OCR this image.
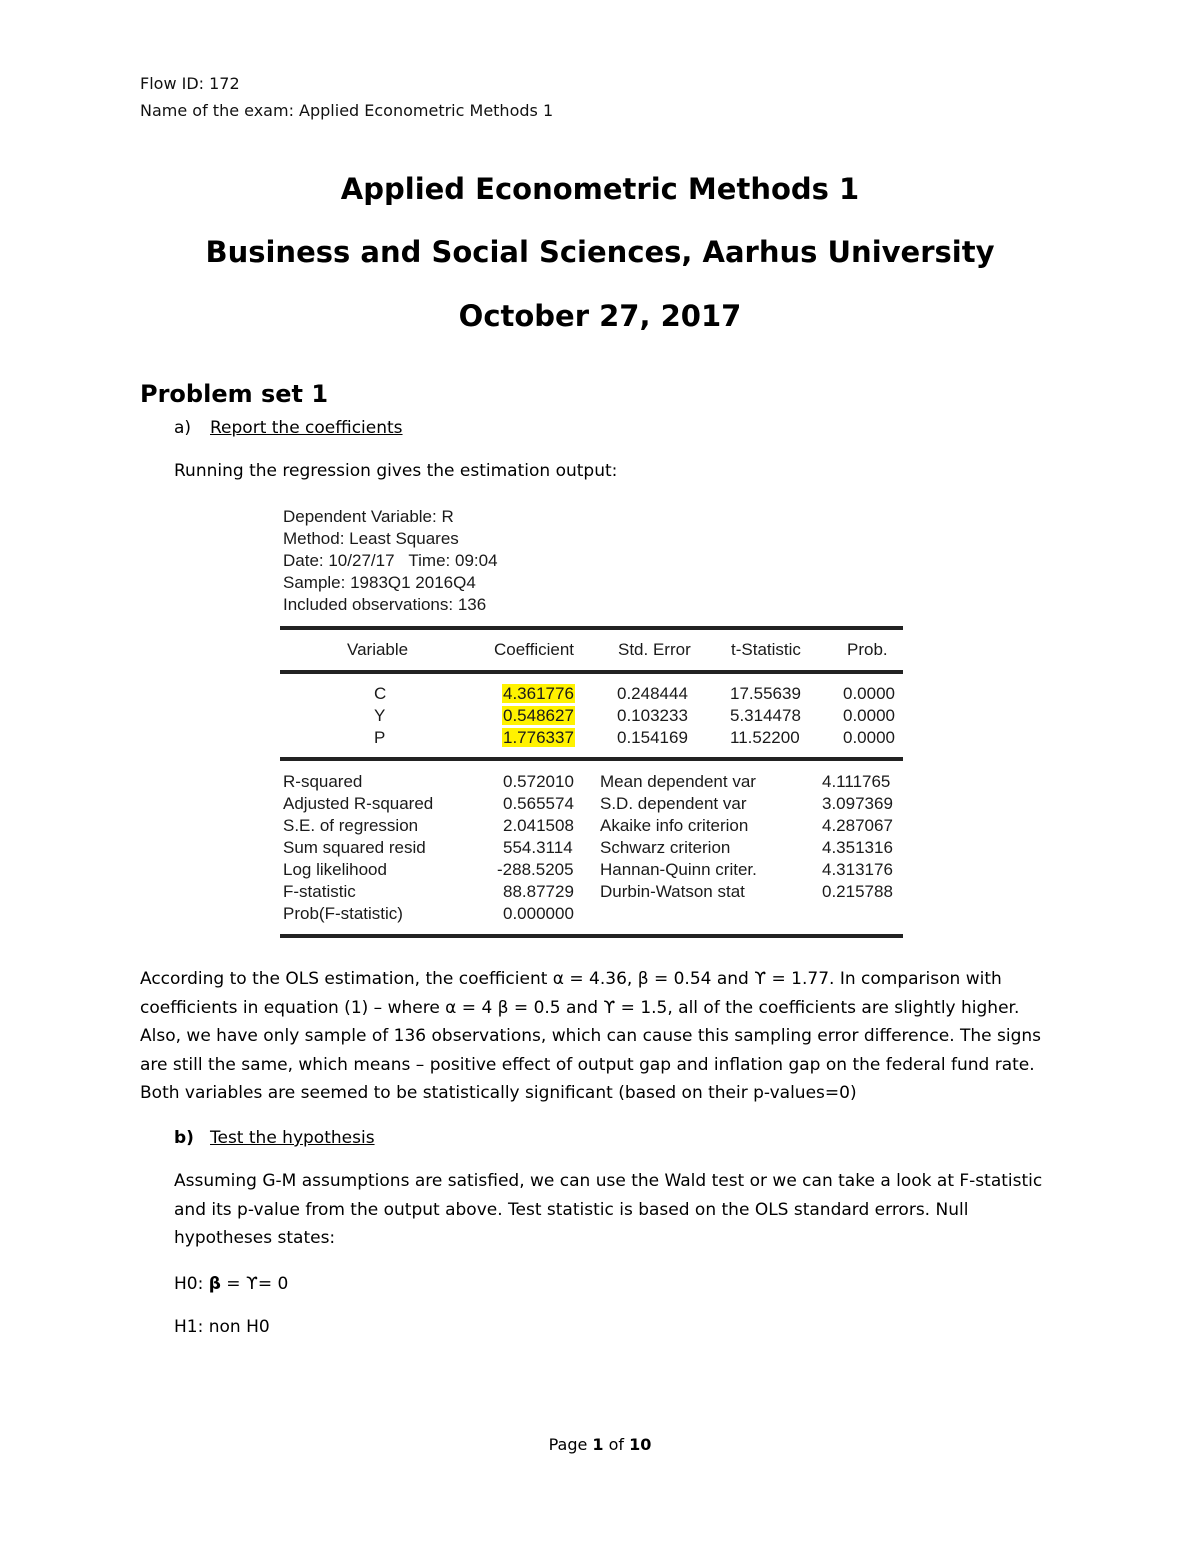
Flow ID: 172
Name of the exam: Applied Econometric Methods 1
Applied Econometric Methods 1
Business and Social Sciences, Aarhus University
October 27, 2017
Problem set 1
a) Report the coefficients
Running the regression gives the estimation output:
Dependent Variable: R
Method: Least Squares
Date: 10/27/17   Time: 09:04
Sample: 1983Q1 2016Q4
Included observations: 136
Variable	Coefficient	Std. Error t-Statistic	Prob.
C	4.361776	0.248444 17.55639 0.0000
Y	0.548627	0.103233 5.314478 0.0000
P	1.776337	0.154169 11.52200	0.0000
R-squared	0.572010 Mean dependent var	4.111765
Adjusted R-squared	0.565574 S.D. dependent var	3.097369
S.E. of regression	2.041508 Akaike info criterion	4.287067
Sum squared resid	554.3114 Schwarz criterion	4.351316
Log likelihood	-288.5205 Hannan-Quinn criter.	4.313176
F-statistic	88.87729 Durbin-Watson stat	0.215788
Prob(F-statistic)	0.000000
According to the OLS estimation, the coefficient α = 4.36, β = 0.54 and ϒ = 1.77. In comparison with
coefficients in equation (1) – where α = 4 β = 0.5 and ϒ = 1.5, all of the coefficients are slightly higher.
Also, we have only sample of 136 observations, which can cause this sampling error difference. The signs
are still the same, which means – positive effect of output gap and inflation gap on the federal fund rate.
Both variables are seemed to be statistically significant (based on their p-values=0)
b) Test the hypothesis
Assuming G-M assumptions are satisfied, we can use the Wald test or we can take a look at F-statistic
and its p-value from the output above. Test statistic is based on the OLS standard errors. Null
hypotheses states:
H0: β = ϒ= 0
H1: non H0
Page 1 of 10
